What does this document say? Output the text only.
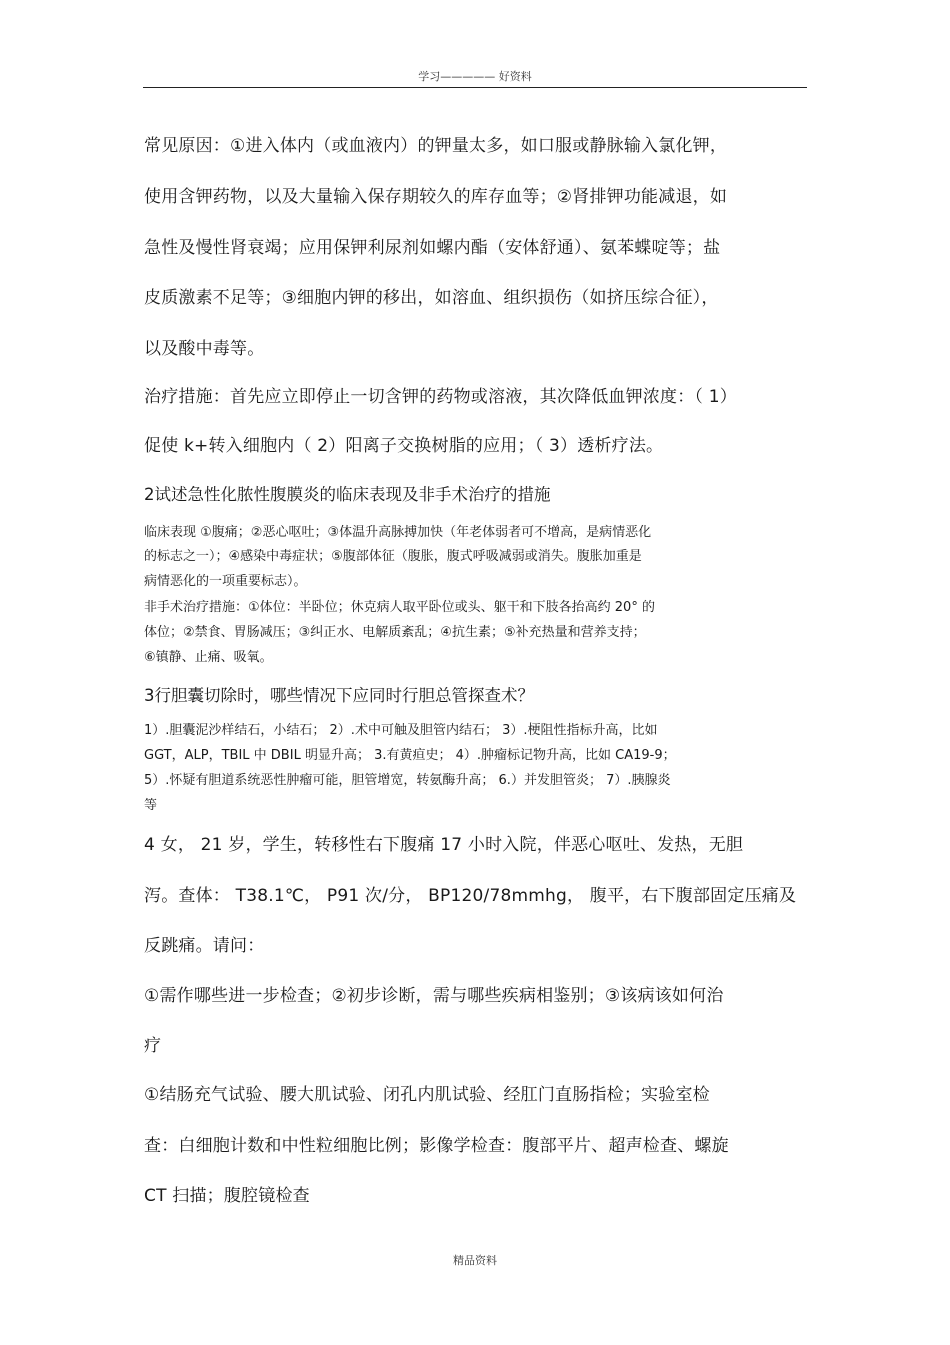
学习————— 好资料
常见原因：①进入体内（或血液内）的钾量太多，如口服或静脉输入氯化钾，
使用含钾药物，以及大量输入保存期较久的库存血等；②肾排钾功能减退，如
急性及慢性肾衰竭；应用保钾利尿剂如螺内酯（安体舒通）、氨苯蝶啶等；盐
皮质激素不足等；③细胞内钾的移出，如溶血、组织损伤（如挤压综合征），
以及酸中毒等。
治疗措施：首先应立即停止一切含钾的药物或溶液，其次降低血钾浓度：（ 1）
促使 k+转入细胞内（ 2）阳离子交换树脂的应用；（ 3）透析疗法。
2试述急性化脓性腹膜炎的临床表现及非手术治疗的措施
临床表现 ①腹痛；②恶心呕吐；③体温升高脉搏加快（年老体弱者可不增高，是病情恶化
的标志之一）；④感染中毒症状；⑤腹部体征（腹胀，腹式呼吸减弱或消失。腹胀加重是
病情恶化的一项重要标志）。
非手术治疗措施：①体位：半卧位；休克病人取平卧位或头、躯干和下肢各抬高约 20° 的
体位；②禁食、胃肠减压；③纠正水、电解质紊乱；④抗生素；⑤补充热量和营养支持；
⑥镇静、止痛、吸氧。
3行胆囊切除时，哪些情况下应同时行胆总管探查术？
1）.胆囊泥沙样结石，小结石； 2）.术中可触及胆管内结石； 3）.梗阻性指标升高，比如
GGT，ALP，TBIL 中 DBIL 明显升高； 3.有黄疸史； 4）.肿瘤标记物升高，比如 CA19-9；
5）.怀疑有胆道系统恶性肿瘤可能，胆管增宽，转氨酶升高； 6.）并发胆管炎； 7）.胰腺炎
等
4 女， 21 岁，学生，转移性右下腹痛 17 小时入院，伴恶心呕吐、发热，无胆
泻。查体： T38.1℃， P91 次/分， BP120/78mmhg， 腹平，右下腹部固定压痛及
反跳痛。请问：
①需作哪些进一步检查；②初步诊断，需与哪些疾病相鉴别；③该病该如何治
疗
①结肠充气试验、腰大肌试验、闭孔内肌试验、经肛门直肠指检；实验室检
查：白细胞计数和中性粒细胞比例；影像学检查：腹部平片、超声检查、螺旋
CT 扫描；腹腔镜检查
精品资料
